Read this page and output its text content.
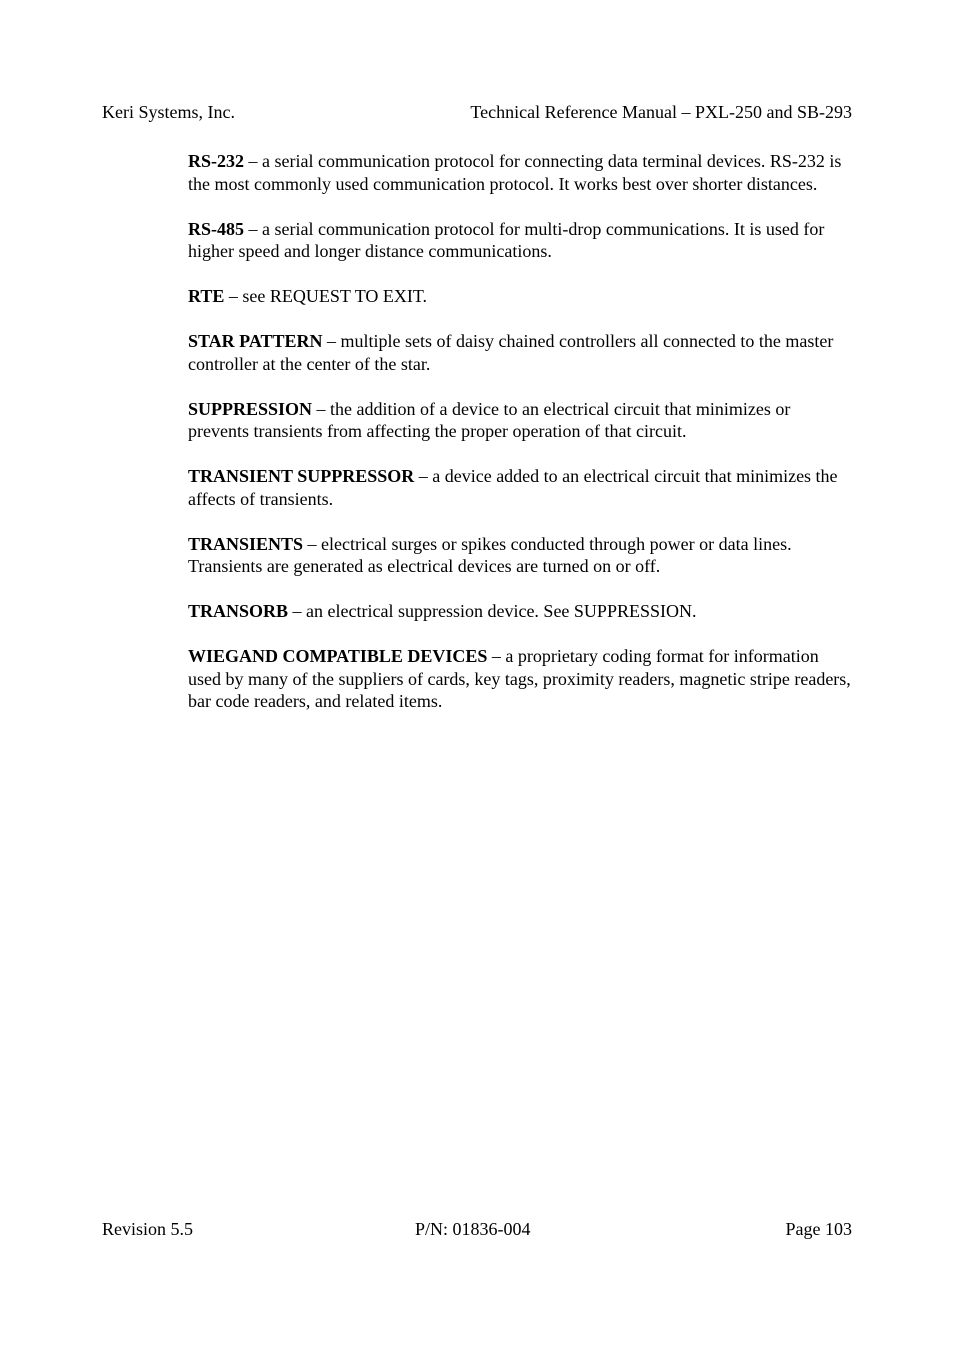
Keri Systems, Inc.	Technical Reference Manual – PXL-250 and SB-293

RS-232 – a serial communication protocol for connecting data terminal devices. RS-232 is the most commonly used communication protocol. It works best over shorter distances.

RS-485 – a serial communication protocol for multi-drop communications. It is used for higher speed and longer distance communications.

RTE – see REQUEST TO EXIT.

STAR PATTERN – multiple sets of daisy chained controllers all connected to the master controller at the center of the star.

SUPPRESSION – the addition of a device to an electrical circuit that minimizes or prevents transients from affecting the proper operation of that circuit.

TRANSIENT SUPPRESSOR – a device added to an electrical circuit that minimizes the affects of transients.

TRANSIENTS – electrical surges or spikes conducted through power or data lines. Transients are generated as electrical devices are turned on or off.

TRANSORB – an electrical suppression device. See SUPPRESSION.

WIEGAND COMPATIBLE DEVICES – a proprietary coding format for information used by many of the suppliers of cards, key tags, proximity readers, magnetic stripe readers, bar code readers, and related items.

Revision 5.5	P/N: 01836-004	Page 103
